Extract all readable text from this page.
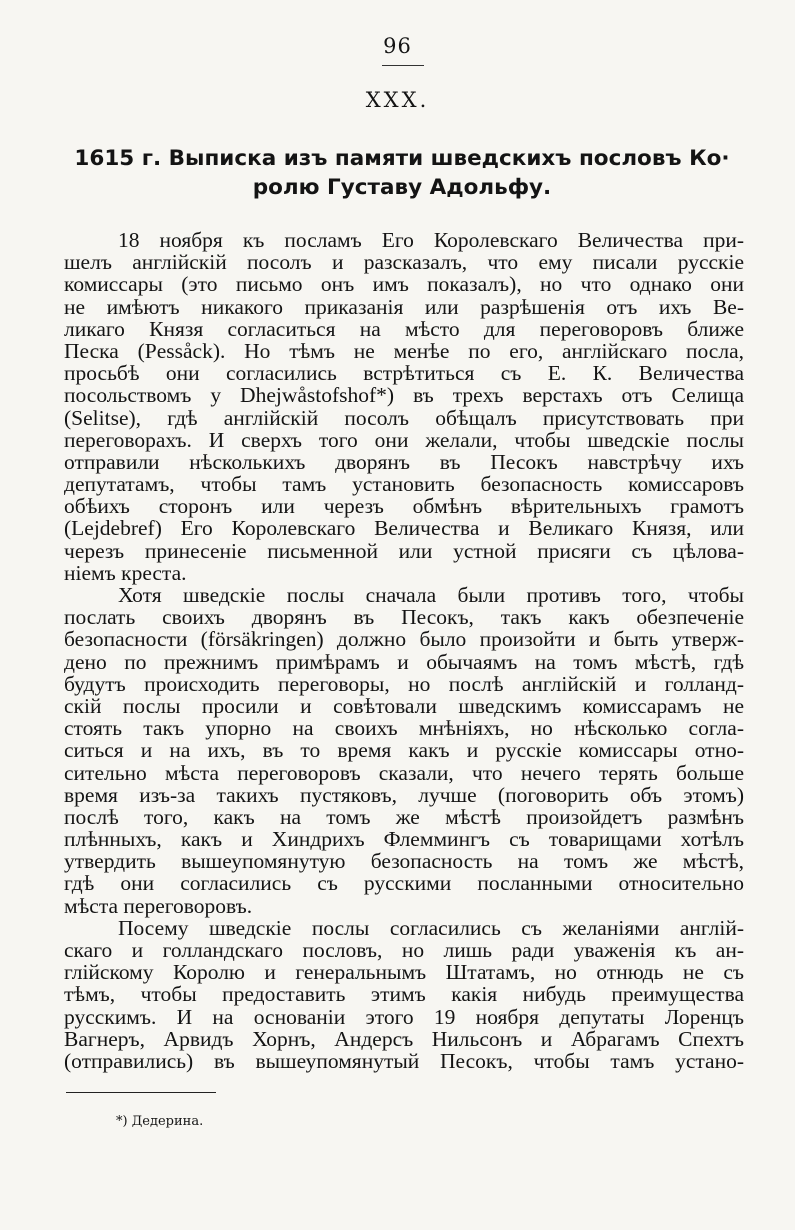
96
XXX.
1615 г. Выписка изъ памяти шведскихъ пословъ Ко·
ролю Густаву Адольфу.
18 ноября къ посламъ Его Королевскаго Величества при-
шелъ англійскій посолъ и разсказалъ, что ему писали русскіе
комиссары (это письмо онъ имъ показалъ), но что однако они
не имѣютъ никакого приказанія или разрѣшенія отъ ихъ Ве-
ликаго Князя согласиться на мѣсто для переговоровъ ближе
Песка (Pessåck). Но тѣмъ не менѣе по его, англійскаго посла,
просьбѣ они согласились встрѣтиться съ Е. К. Величества
посольствомъ у Dhejwåstofshof*) въ трехъ верстахъ отъ Селища
(Selitse), гдѣ англійскій посолъ обѣщалъ присутствовать при
переговорахъ. И сверхъ того они желали, чтобы шведскіе послы
отправили нѣсколькихъ дворянъ въ Песокъ навстрѣчу ихъ
депутатамъ, чтобы тамъ установить безопасность комиссаровъ
обѣихъ сторонъ или черезъ обмѣнъ вѣрительныхъ грамотъ
(Lejdebref) Его Королевскаго Величества и Великаго Князя, или
черезъ принесеніе письменной или устной присяги съ цѣлова-
ніемъ креста.
Хотя шведскіе послы сначала были противъ того, чтобы
послать своихъ дворянъ въ Песокъ, такъ какъ обезпеченіе
безопасности (försäkringen) должно было произойти и быть утверж-
дено по прежнимъ примѣрамъ и обычаямъ на томъ мѣстѣ, гдѣ
будутъ происходить переговоры, но послѣ англійскій и голланд-
скій послы просили и совѣтовали шведскимъ комиссарамъ не
стоять такъ упорно на своихъ мнѣніяхъ, но нѣсколько согла-
ситься и на ихъ, въ то время какъ и русскіе комиссары отно-
сительно мѣста переговоровъ сказали, что нечего терять больше
время изъ-за такихъ пустяковъ, лучше (поговорить объ этомъ)
послѣ того, какъ на томъ же мѣстѣ произойдетъ размѣнъ
плѣнныхъ, какъ и Хиндрихъ Флеммингъ съ товарищами хотѣлъ
утвердить вышеупомянутую безопасность на томъ же мѣстѣ,
гдѣ они согласились съ русскими посланными относительно
мѣста переговоровъ.
Посему шведскіе послы согласились съ желаніями англій-
скаго и голландскаго пословъ, но лишь ради уваженія къ ан-
глійскому Королю и генеральнымъ Штатамъ, но отнюдь не съ
тѣмъ, чтобы предоставить этимъ какія нибудь преимущества
русскимъ. И на основаніи этого 19 ноября депутаты Лоренцъ
Вагнеръ, Арвидъ Хорнъ, Андерсъ Нильсонъ и Абрагамъ Спехтъ
(отправились) въ вышеупомянутый Песокъ, чтобы тамъ устано-
*) Дедерина.
